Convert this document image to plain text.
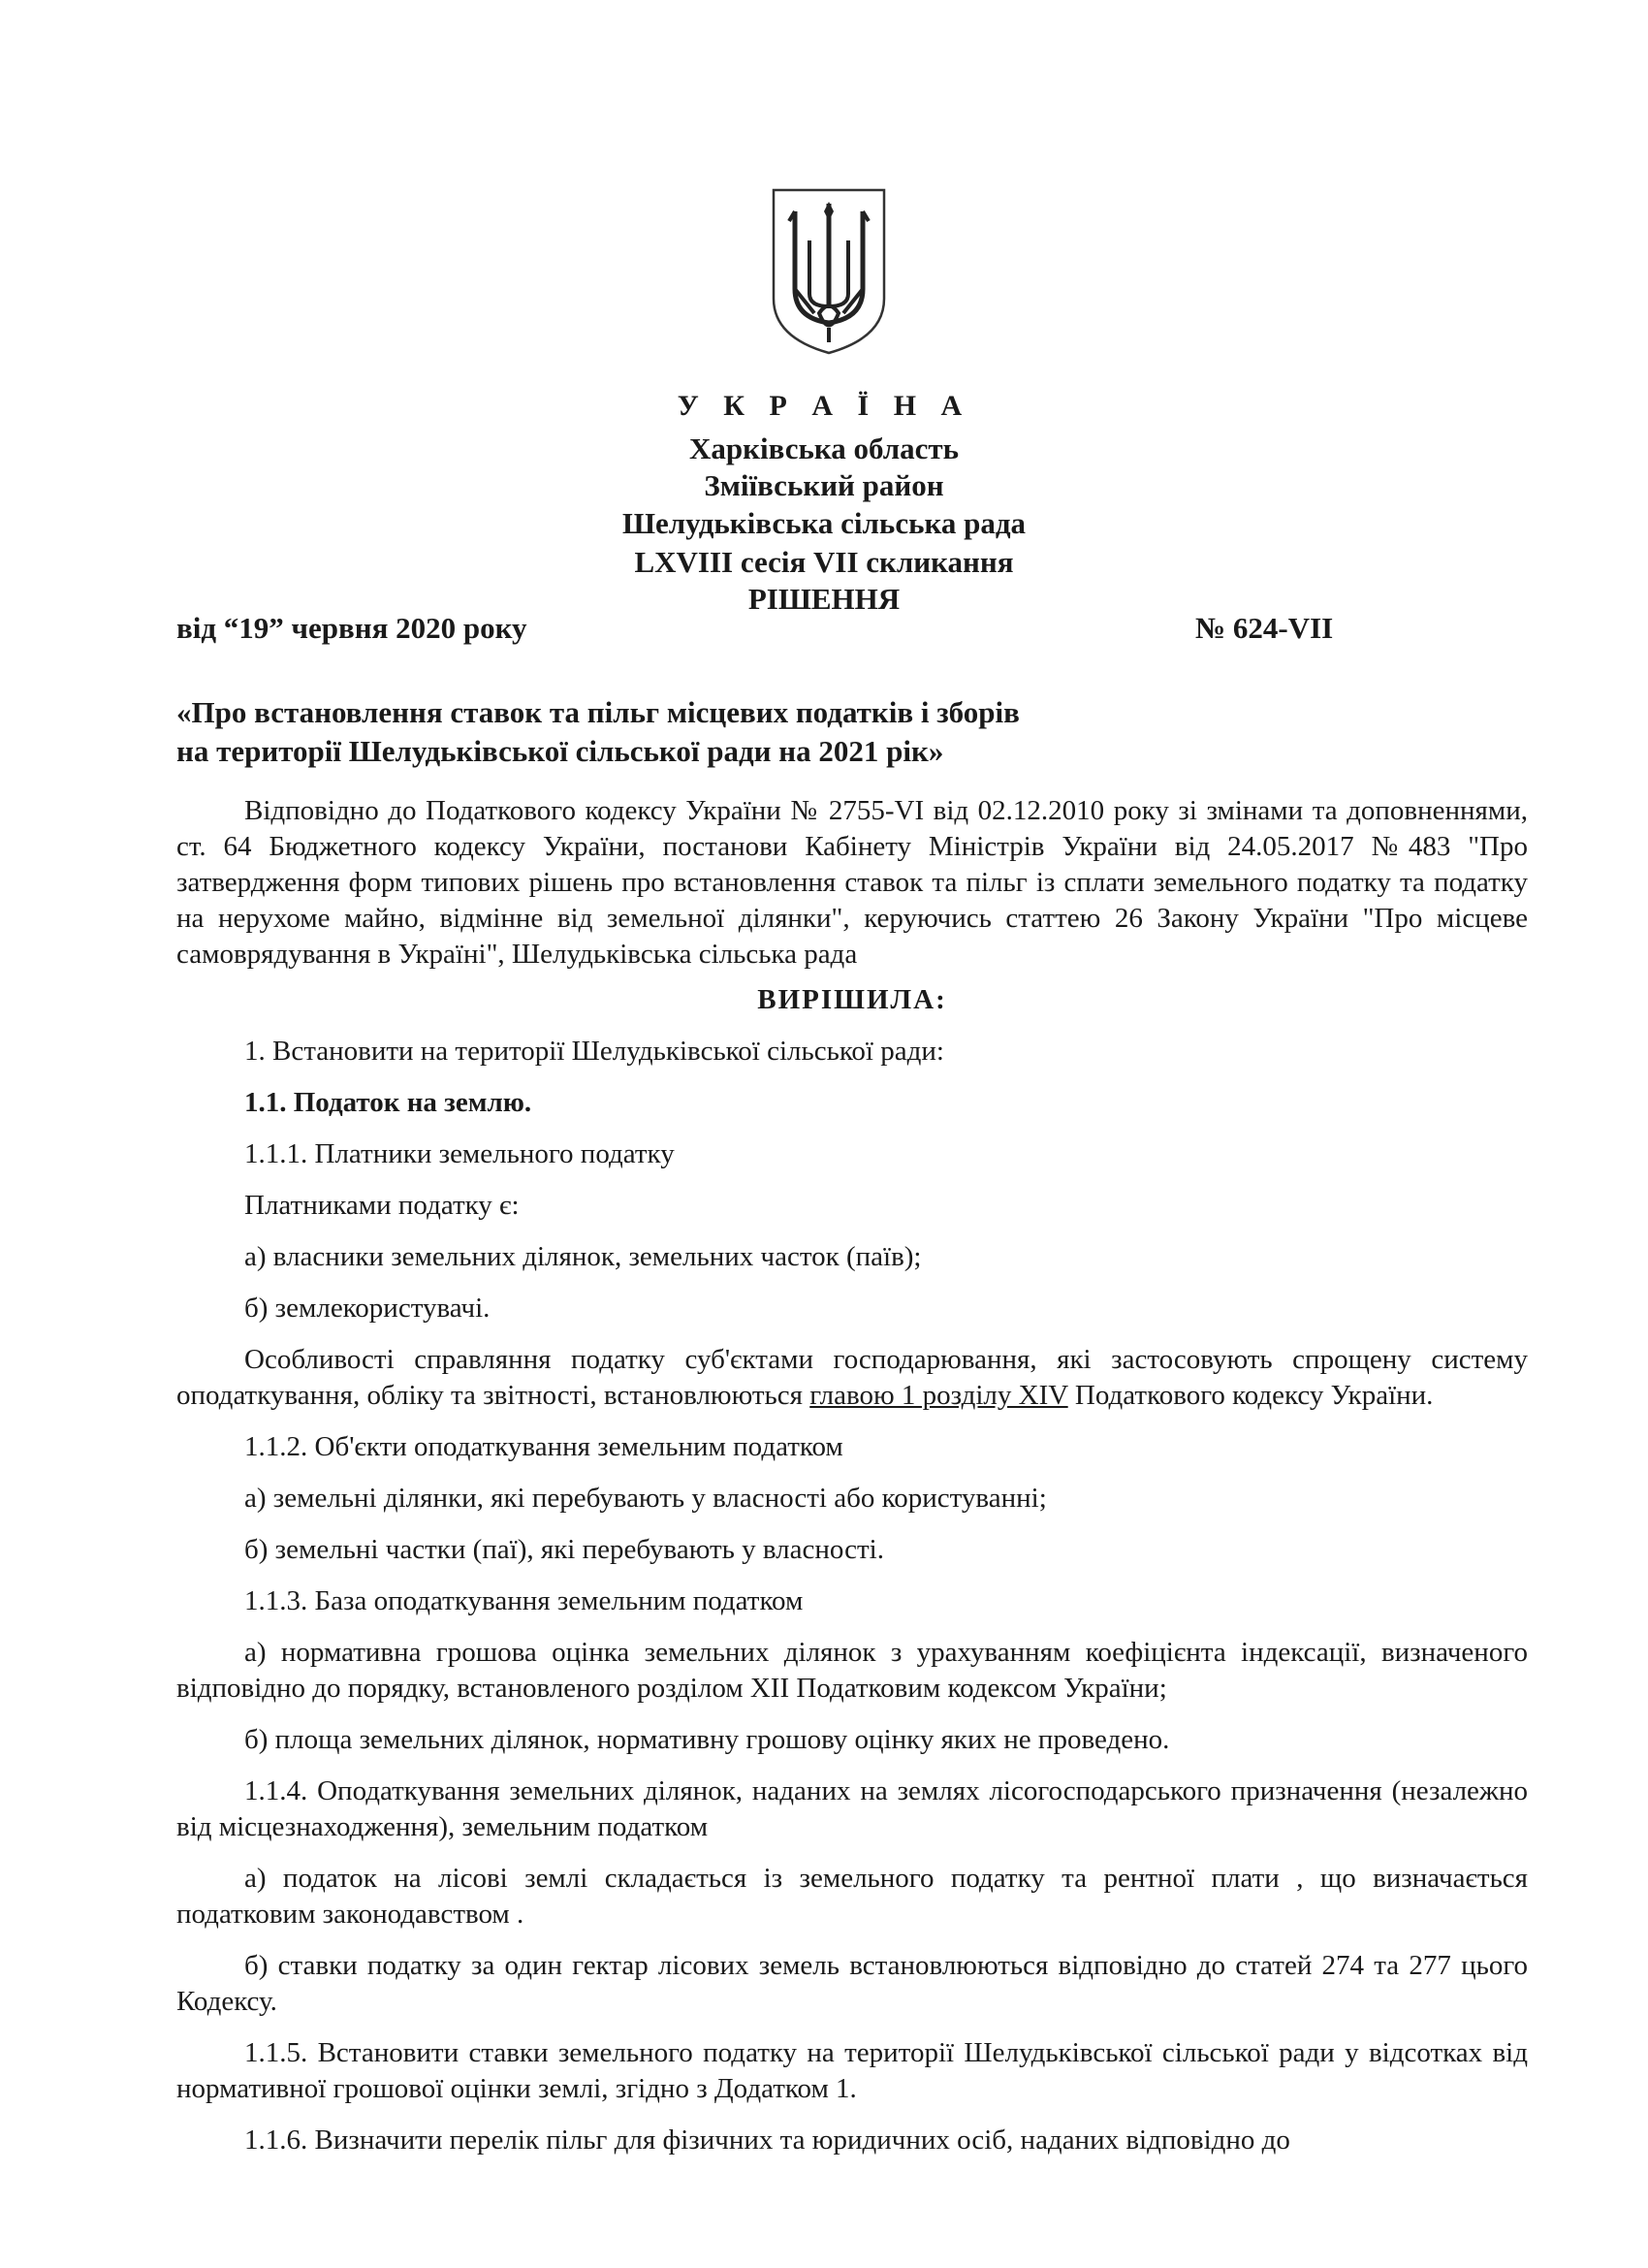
У К Р А Ї Н А
Харківська область
Зміївський район
Шелудьківська сільська рада
LXVIII сесія VII скликання
РІШЕННЯ
від “19” червня 2020 року	№ 624-VII
«Про встановлення ставок та пільг місцевих податків і зборів
на території Шелудьківської сільської ради на 2021 рік»

Відповідно до Податкового кодексу України № 2755-VI від 02.12.2010 року зі змінами та доповненнями, ст. 64 Бюджетного кодексу України, постанови Кабінету Міністрів України від 24.05.2017 №483 "Про затвердження форм типових рішень про встановлення ставок та пільг із сплати земельного податку та податку на нерухоме майно, відмінне від земельної ділянки", керуючись статтею 26 Закону України "Про місцеве самоврядування в Україні", Шелудьківська сільська рада

ВИРІШИЛА:

1. Встановити на території Шелудьківської сільської ради:

1.1. Податок на землю.

1.1.1. Платники земельного податку

Платниками податку є:

а) власники земельних ділянок, земельних часток (паїв);

б) землекористувачі.

Особливості справляння податку суб'єктами господарювання, які застосовують спрощену систему оподаткування, обліку та звітності, встановлюються главою 1 розділу XIV Податкового кодексу України.

1.1.2. Об'єкти оподаткування земельним податком

а) земельні ділянки, які перебувають у власності або користуванні;

б) земельні частки (паї), які перебувають у власності.

1.1.3. База оподаткування земельним податком

а) нормативна грошова оцінка земельних ділянок з урахуванням коефіцієнта індексації, визначеного відповідно до порядку, встановленого розділом XII Податковим кодексом України;

б) площа земельних ділянок, нормативну грошову оцінку яких не проведено.

1.1.4. Оподаткування земельних ділянок, наданих на землях лісогосподарського призначення (незалежно від місцезнаходження), земельним податком

а) податок на лісові землі складається із земельного податку та рентної плати , що визначається податковим законодавством .

б) ставки податку за один гектар лісових земель встановлюються відповідно до статей 274 та 277 цього Кодексу.

1.1.5. Встановити ставки земельного податку на території Шелудьківської сільської ради у відсотках від нормативної грошової оцінки землі, згідно з Додатком 1.

1.1.6. Визначити перелік пільг для фізичних та юридичних осіб, наданих відповідно до
